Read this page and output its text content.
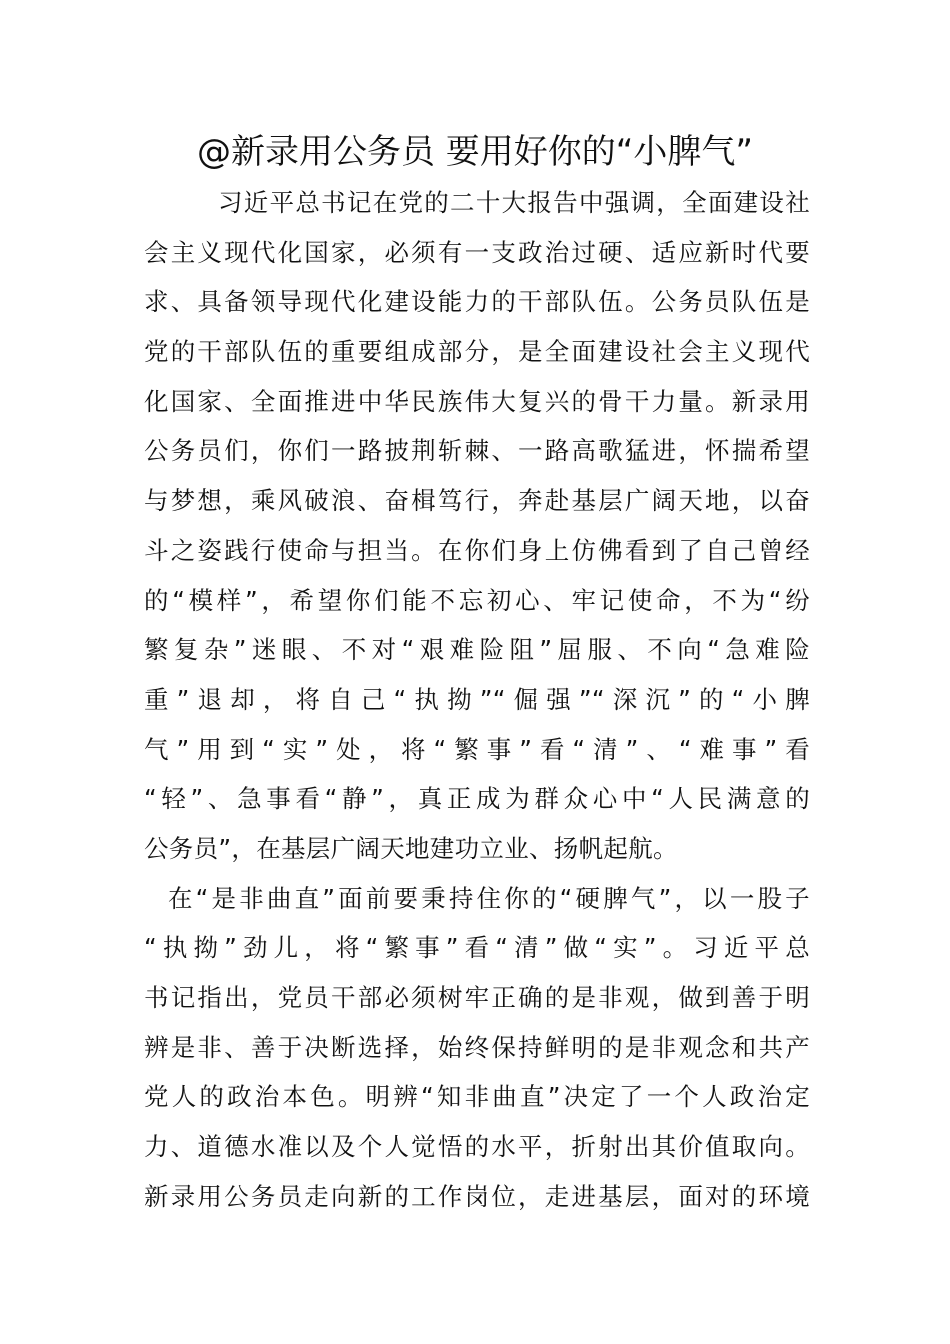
@新录用公务员 要用好你的“小脾气”
习近平总书记在党的二十大报告中强调，全面建设社
会主义现代化国家，必须有一支政治过硬、适应新时代要
求、具备领导现代化建设能力的干部队伍。公务员队伍是
党的干部队伍的重要组成部分，是全面建设社会主义现代
化国家、全面推进中华民族伟大复兴的骨干力量。新录用
公务员们，你们一路披荆斩棘、一路高歌猛进，怀揣希望
与梦想，乘风破浪、奋楫笃行，奔赴基层广阔天地，以奋
斗之姿践行使命与担当。在你们身上仿佛看到了自己曾经
的“模样”，希望你们能不忘初心、牢记使命，不为“纷
繁复杂”迷眼、不对“艰难险阻”屈服、不向“急难险
重”退却，将自己“执拗”“倔强”“深沉”的“小脾
气”用到“实”处，将“繁事”看“清”、“难事”看
“轻”、急事看“静”，真正成为群众心中“人民满意的
公务员”，在基层广阔天地建功立业、扬帆起航。
在“是非曲直”面前要秉持住你的“硬脾气”，以一股子
“执拗”劲儿，将“繁事”看“清”做“实”。习近平总
书记指出，党员干部必须树牢正确的是非观，做到善于明
辨是非、善于决断选择，始终保持鲜明的是非观念和共产
党人的政治本色。明辨“知非曲直”决定了一个人政治定
力、道德水准以及个人觉悟的水平，折射出其价值取向。
新录用公务员走向新的工作岗位，走进基层，面对的环境
